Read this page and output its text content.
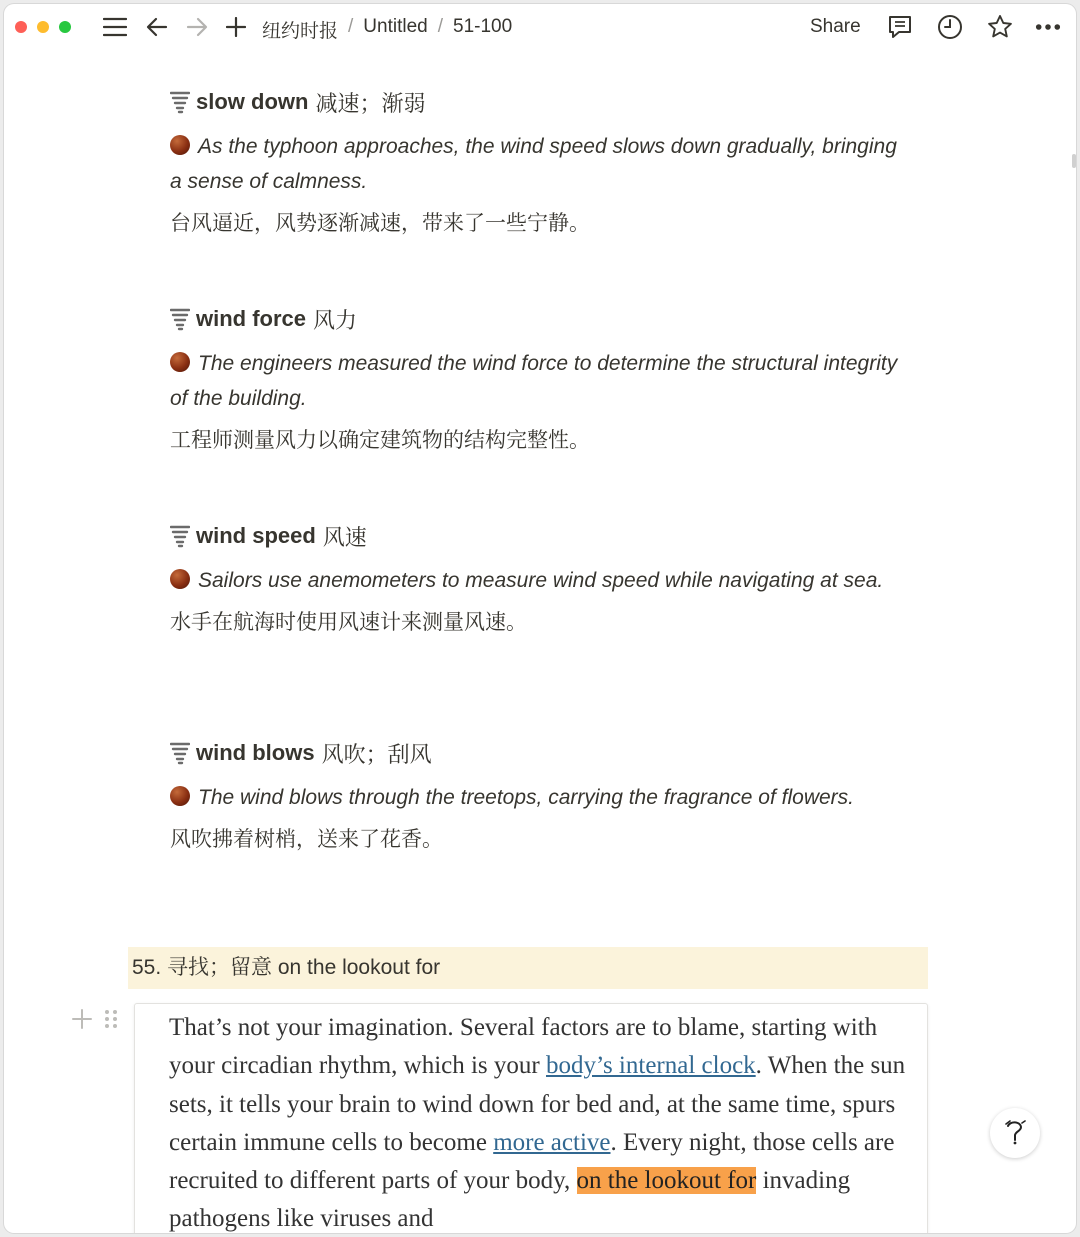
纽约时报 / Untitled / 51-100	Share
slow down 减速；渐弱
As the typhoon approaches, the wind speed slows down gradually, bringing a sense of calmness.
台风逼近，风势逐渐减速，带来了一些宁静。
wind force 风力
The engineers measured the wind force to determine the structural integrity of the building.
工程师测量风力以确定建筑物的结构完整性。
wind speed 风速
Sailors use anemometers to measure wind speed while navigating at sea.
水手在航海时使用风速计来测量风速。
wind blows 风吹；刮风
The wind blows through the treetops, carrying the fragrance of flowers.
风吹拂着树梢，送来了花香。
55. 寻找；留意 on the lookout for
That’s not your imagination. Several factors are to blame, starting with your circadian rhythm, which is your body’s internal clock. When the sun sets, it tells your brain to wind down for bed and, at the same time, spurs certain immune cells to become more active. Every night, those cells are recruited to different parts of your body, on the lookout for invading pathogens like viruses and
